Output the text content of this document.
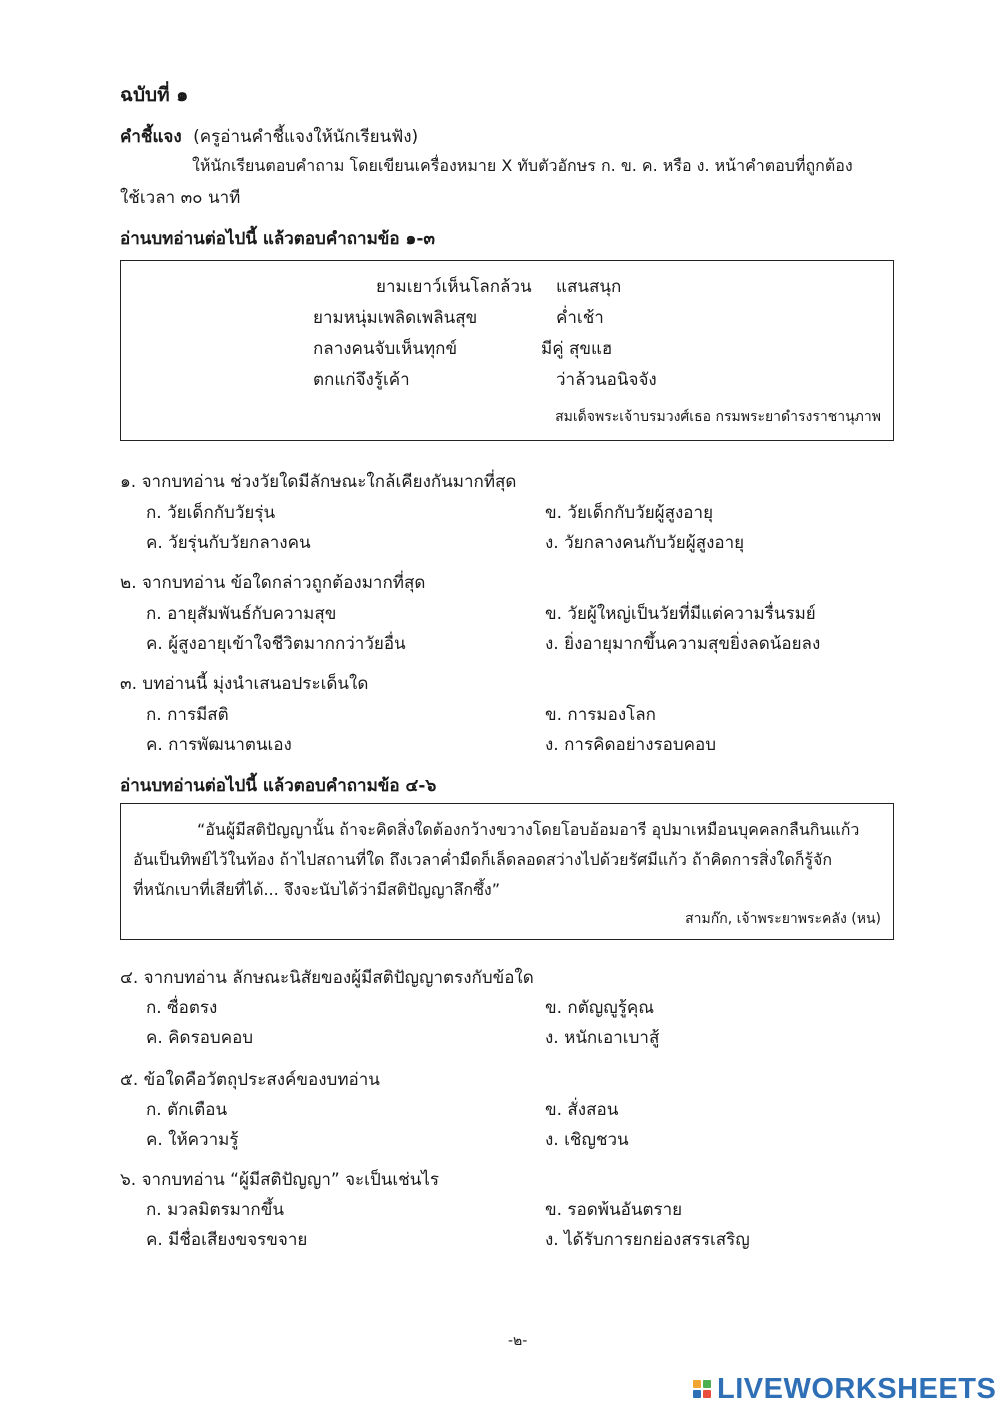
ฉบับที่ ๑
คำชี้แจง (ครูอ่านคำชี้แจงให้นักเรียนฟัง)
ให้นักเรียนตอบคำถาม โดยเขียนเครื่องหมาย X ทับตัวอักษร ก. ข. ค. หรือ ง. หน้าคำตอบที่ถูกต้อง
ใช้เวลา ๓๐ นาที
อ่านบทอ่านต่อไปนี้ แล้วตอบคำถามข้อ ๑-๓
ยามเยาว์เห็นโลกล้วน แสนสนุก
ยามหนุ่มเพลิดเพลินสุข	ค่ำเช้า
กลางคนจับเห็นทุกข์	มีคู่ สุขแฮ
ตกแก่จึงรู้เค้า	ว่าล้วนอนิจจัง
สมเด็จพระเจ้าบรมวงศ์เธอ กรมพระยาดำรงราชานุภาพ
๑. จากบทอ่าน ช่วงวัยใดมีลักษณะใกล้เคียงกันมากที่สุด
ก. วัยเด็กกับวัยรุ่น	ข. วัยเด็กกับวัยผู้สูงอายุ
ค. วัยรุ่นกับวัยกลางคน	ง. วัยกลางคนกับวัยผู้สูงอายุ
๒. จากบทอ่าน ข้อใดกล่าวถูกต้องมากที่สุด
ก. อายุสัมพันธ์กับความสุข	ข. วัยผู้ใหญ่เป็นวัยที่มีแต่ความรื่นรมย์
ค. ผู้สูงอายุเข้าใจชีวิตมากกว่าวัยอื่น	ง. ยิ่งอายุมากขึ้นความสุขยิ่งลดน้อยลง
๓. บทอ่านนี้ มุ่งนำเสนอประเด็นใด
ก. การมีสติ	ข. การมองโลก
ค. การพัฒนาตนเอง	ง. การคิดอย่างรอบคอบ
อ่านบทอ่านต่อไปนี้ แล้วตอบคำถามข้อ ๔-๖
“อันผู้มีสติปัญญานั้น ถ้าจะคิดสิ่งใดต้องกว้างขวางโดยโอบอ้อมอารี อุปมาเหมือนบุคคลกลืนกินแก้ว
อันเป็นทิพย์ไว้ในท้อง ถ้าไปสถานที่ใด ถึงเวลาค่ำมืดก็เล็ดลอดสว่างไปด้วยรัศมีแก้ว ถ้าคิดการสิ่งใดก็รู้จัก
ที่หนักเบาที่เสียที่ได้... จึงจะนับได้ว่ามีสติปัญญาลึกซึ้ง”
สามก๊ก, เจ้าพระยาพระคลัง (หน)
๔. จากบทอ่าน ลักษณะนิสัยของผู้มีสติปัญญาตรงกับข้อใด
ก. ซื่อตรง	ข. กตัญญูรู้คุณ
ค. คิดรอบคอบ	ง. หนักเอาเบาสู้
๕. ข้อใดคือวัตถุประสงค์ของบทอ่าน
ก. ตักเตือน	ข. สั่งสอน
ค. ให้ความรู้	ง. เชิญชวน
๖. จากบทอ่าน “ผู้มีสติปัญญา” จะเป็นเช่นไร
ก. มวลมิตรมากขึ้น	ข. รอดพ้นอันตราย
ค. มีชื่อเสียงขจรขจาย	ง. ได้รับการยกย่องสรรเสริญ
-๒-
LIVEWORKSHEETS
